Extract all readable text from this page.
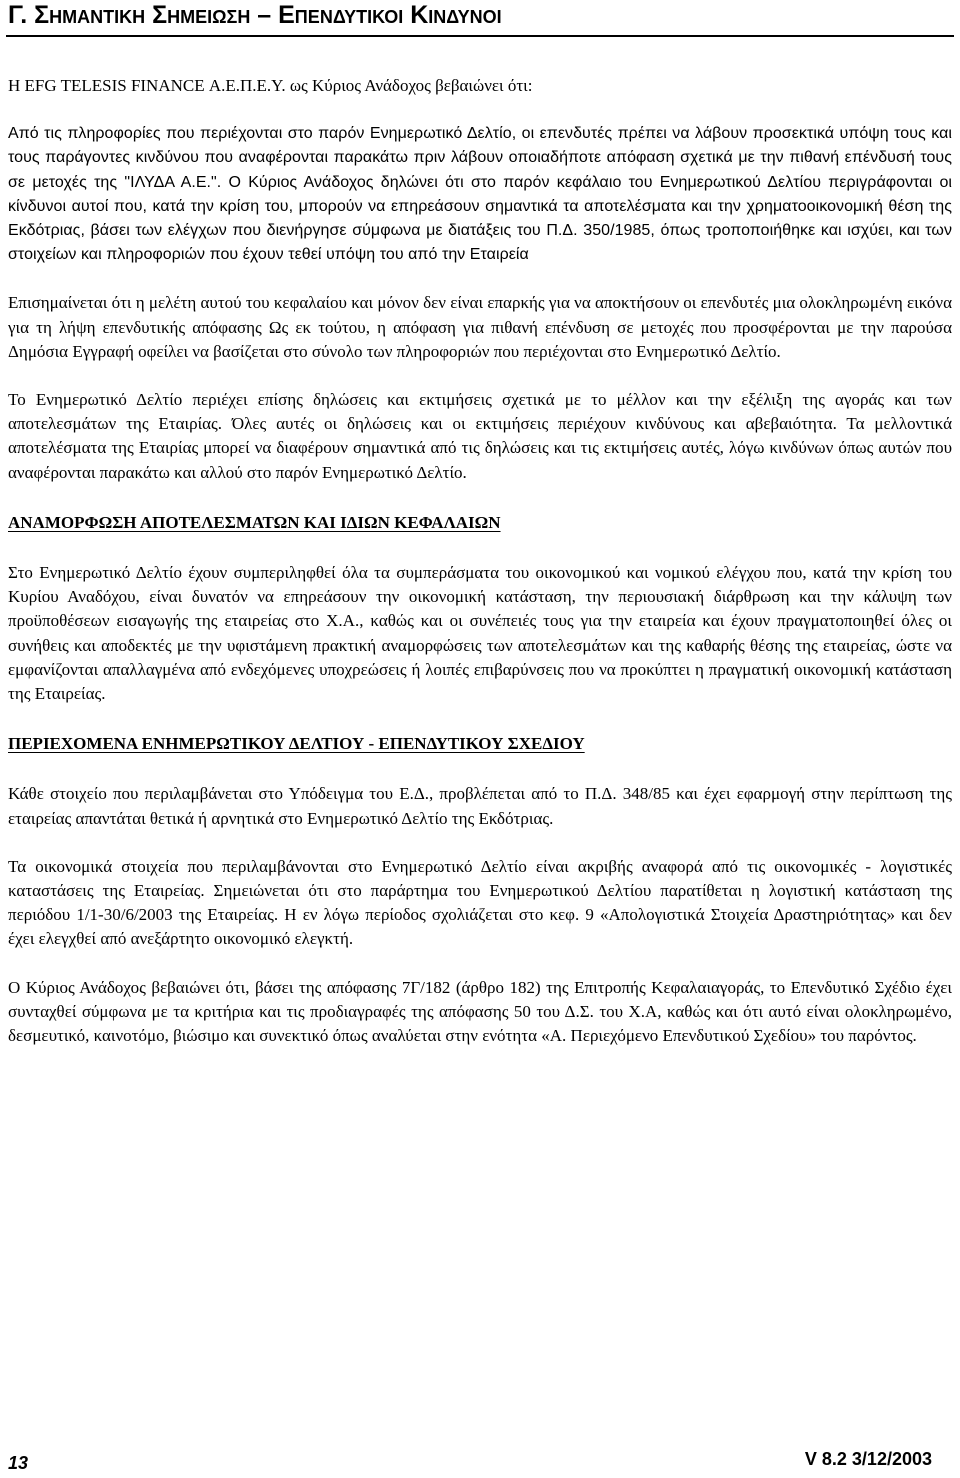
Γ. Σημαντικη Σημειωση – Επενδυτικοι Κινδυνοι

Η EFG TELESIS FINANCE Α.Ε.Π.Ε.Υ. ως Κύριος Ανάδοχος βεβαιώνει ότι:

Από τις πληροφορίες που περιέχονται στο παρόν Ενημερωτικό Δελτίο, οι επενδυτές πρέπει να λάβουν προσεκτικά υπόψη τους και τους παράγοντες κινδύνου που αναφέρονται παρακάτω πριν λάβουν οποιαδήποτε απόφαση σχετικά με την πιθανή επένδυσή τους σε μετοχές της "ΙΛΥΔΑ Α.Ε.". Ο Κύριος Ανάδοχος δηλώνει ότι στο παρόν κεφάλαιο του Ενημερωτικού Δελτίου περιγράφονται οι κίνδυνοι αυτοί που, κατά την κρίση του, μπορούν να επηρεάσουν σημαντικά τα αποτελέσματα και την χρηματοοικονομική θέση της Εκδότριας, βάσει των ελέγχων που διενήργησε σύμφωνα με διατάξεις του Π.Δ. 350/1985, όπως τροποποιήθηκε και ισχύει, και των στοιχείων και πληροφοριών που έχουν τεθεί υπόψη του από την Εταιρεία

Επισημαίνεται ότι η μελέτη αυτού του κεφαλαίου και μόνον δεν είναι επαρκής για να αποκτήσουν οι επενδυτές μια ολοκληρωμένη εικόνα για τη λήψη επενδυτικής απόφασης Ως εκ τούτου, η απόφαση για πιθανή επένδυση σε μετοχές που προσφέρονται με την παρούσα Δημόσια Εγγραφή οφείλει να βασίζεται στο σύνολο των πληροφοριών που περιέχονται στο Ενημερωτικό Δελτίο.

Το Ενημερωτικό Δελτίο περιέχει επίσης δηλώσεις και εκτιμήσεις σχετικά με το μέλλον και την εξέλιξη της αγοράς και των αποτελεσμάτων της Εταιρίας. Όλες αυτές οι δηλώσεις και οι εκτιμήσεις περιέχουν κινδύνους και αβεβαιότητα. Τα μελλοντικά αποτελέσματα της Εταιρίας μπορεί να διαφέρουν σημαντικά από τις δηλώσεις και τις εκτιμήσεις αυτές, λόγω κινδύνων όπως αυτών που αναφέρονται παρακάτω και αλλού στο παρόν Ενημερωτικό Δελτίο.

ΑΝΑΜΟΡΦΩΣΗ ΑΠΟΤΕΛΕΣΜΑΤΩΝ ΚΑΙ ΙΔΙΩΝ ΚΕΦΑΛΑΙΩΝ

Στο Ενημερωτικό Δελτίο έχουν συμπεριληφθεί όλα τα συμπεράσματα του οικονομικού και νομικού ελέγχου που, κατά την κρίση του Κυρίου Αναδόχου, είναι δυνατόν να επηρεάσουν την οικονομική κατάσταση, την περιουσιακή διάρθρωση και την κάλυψη των προϋποθέσεων εισαγωγής της εταιρείας στο Χ.Α., καθώς και οι συνέπειές τους για την εταιρεία και έχουν πραγματοποιηθεί όλες οι συνήθεις και αποδεκτές με την υφιστάμενη πρακτική αναμορφώσεις των αποτελεσμάτων και της καθαρής θέσης της εταιρείας, ώστε να εμφανίζονται απαλλαγμένα από ενδεχόμενες υποχρεώσεις ή λοιπές επιβαρύνσεις που να προκύπτει η πραγματική οικονομική κατάσταση της Εταιρείας.

ΠΕΡΙΕΧΟΜΕΝΑ ΕΝΗΜΕΡΩΤΙΚΟΥ ΔΕΛΤΙΟΥ - ΕΠΕΝΔΥΤΙΚΟΥ ΣΧΕΔΙΟΥ

Κάθε στοιχείο που περιλαμβάνεται στο Υπόδειγμα του Ε.Δ., προβλέπεται από το Π.Δ. 348/85 και έχει εφαρμογή στην περίπτωση της εταιρείας απαντάται θετικά ή αρνητικά στο Ενημερωτικό Δελτίο της Εκδότριας.

Τα οικονομικά στοιχεία που περιλαμβάνονται στο Ενημερωτικό Δελτίο είναι ακριβής αναφορά από τις οικονομικές - λογιστικές καταστάσεις της Εταιρείας. Σημειώνεται ότι στο παράρτημα του Ενημερωτικού Δελτίου παρατίθεται η λογιστική κατάσταση της περιόδου 1/1-30/6/2003 της Εταιρείας. Η εν λόγω περίοδος σχολιάζεται στο κεφ. 9 «Απολογιστικά Στοιχεία Δραστηριότητας» και δεν έχει ελεγχθεί από ανεξάρτητο οικονομικό ελεγκτή.

Ο Κύριος Ανάδοχος βεβαιώνει ότι, βάσει της απόφασης 7Γ/182 (άρθρο 182) της Επιτροπής Κεφαλαιαγοράς, το Επενδυτικό Σχέδιο έχει συνταχθεί σύμφωνα με τα κριτήρια και τις προδιαγραφές της απόφασης 50 του Δ.Σ. του Χ.Α, καθώς και ότι αυτό είναι ολοκληρωμένο, δεσμευτικό, καινοτόμο, βιώσιμο και συνεκτικό όπως αναλύεται στην ενότητα «Α. Περιεχόμενο Επενδυτικού Σχεδίου» του παρόντος.

13	V 8.2 3/12/2003
